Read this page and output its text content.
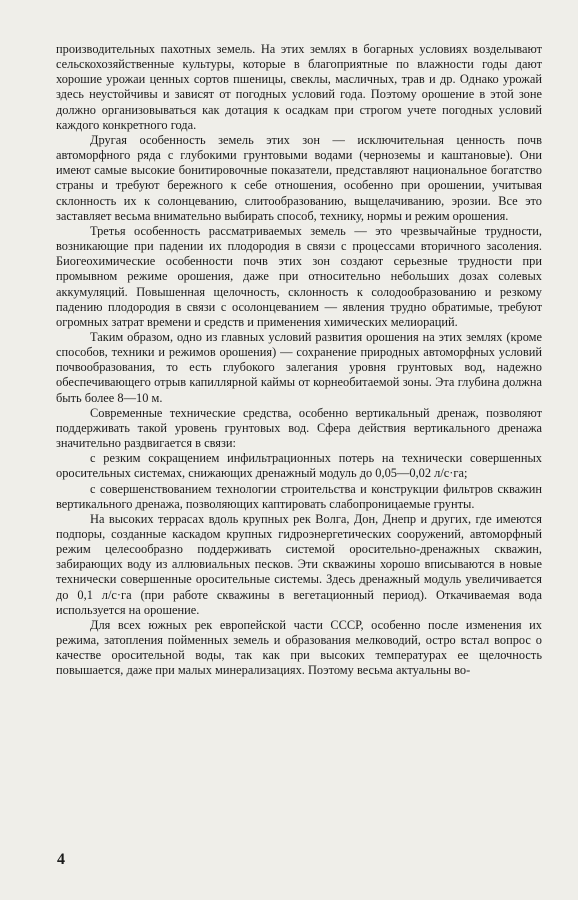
производительных пахотных земель. На этих землях в богарных условиях возделывают сельскохозяйственные культуры, которые в благоприятные по влажности годы дают хорошие урожаи ценных сортов пшеницы, свеклы, масличных, трав и др. Однако урожай здесь неустойчивы и зависят от погодных условий года. Поэтому орошение в этой зоне должно организовываться как дотация к осадкам при строгом учете погодных условий каждого конкретного года.

Другая особенность земель этих зон — исключительная ценность почв автоморфного ряда с глубокими грунтовыми водами (черноземы и каштановые). Они имеют самые высокие бонитировочные показатели, представляют национальное богатство страны и требуют бережного к себе отношения, особенно при орошении, учитывая склонность их к солонцеванию, слитообразованию, выщелачиванию, эрозии. Все это заставляет весьма внимательно выбирать способ, технику, нормы и режим орошения.

Третья особенность рассматриваемых земель — это чрезвычайные трудности, возникающие при падении их плодородия в связи с процессами вторичного засоления. Биогеохимические особенности почв этих зон создают серьезные трудности при промывном режиме орошения, даже при относительно небольших дозах солевых аккумуляций. Повышенная щелочность, склонность к солодообразованию и резкому падению плодородия в связи с осолонцеванием — явления трудно обратимые, требуют огромных затрат времени и средств и применения химических мелиораций.

Таким образом, одно из главных условий развития орошения на этих землях (кроме способов, техники и режимов орошения) — сохранение природных автоморфных условий почвообразования, то есть глубокого залегания уровня грунтовых вод, надежно обеспечивающего отрыв капиллярной каймы от корнеобитаемой зоны. Эта глубина должна быть более 8—10 м.

Современные технические средства, особенно вертикальный дренаж, позволяют поддерживать такой уровень грунтовых вод. Сфера действия вертикального дренажа значительно раздвигается в связи:

с резким сокращением инфильтрационных потерь на технически совершенных оросительных системах, снижающих дренажный модуль до 0,05—0,02 л/с·га;

с совершенствованием технологии строительства и конструкции фильтров скважин вертикального дренажа, позволяющих каптировать слабопроницаемые грунты.

На высоких террасах вдоль крупных рек Волга, Дон, Днепр и других, где имеются подпоры, созданные каскадом крупных гидроэнергетических сооружений, автоморфный режим целесообразно поддерживать системой оросительно-дренажных скважин, забирающих воду из аллювиальных песков. Эти скважины хорошо вписываются в новые технически совершенные оросительные системы. Здесь дренажный модуль увеличивается до 0,1 л/с·га (при работе скважины в вегетационный период). Откачиваемая вода используется на орошение.

Для всех южных рек европейской части СССР, особенно после изменения их режима, затопления пойменных земель и образования мелководий, остро встал вопрос о качестве оросительной воды, так как при высоких температурах ее щелочность повышается, даже при малых минерализациях. Поэтому весьма актуальны во-

4
